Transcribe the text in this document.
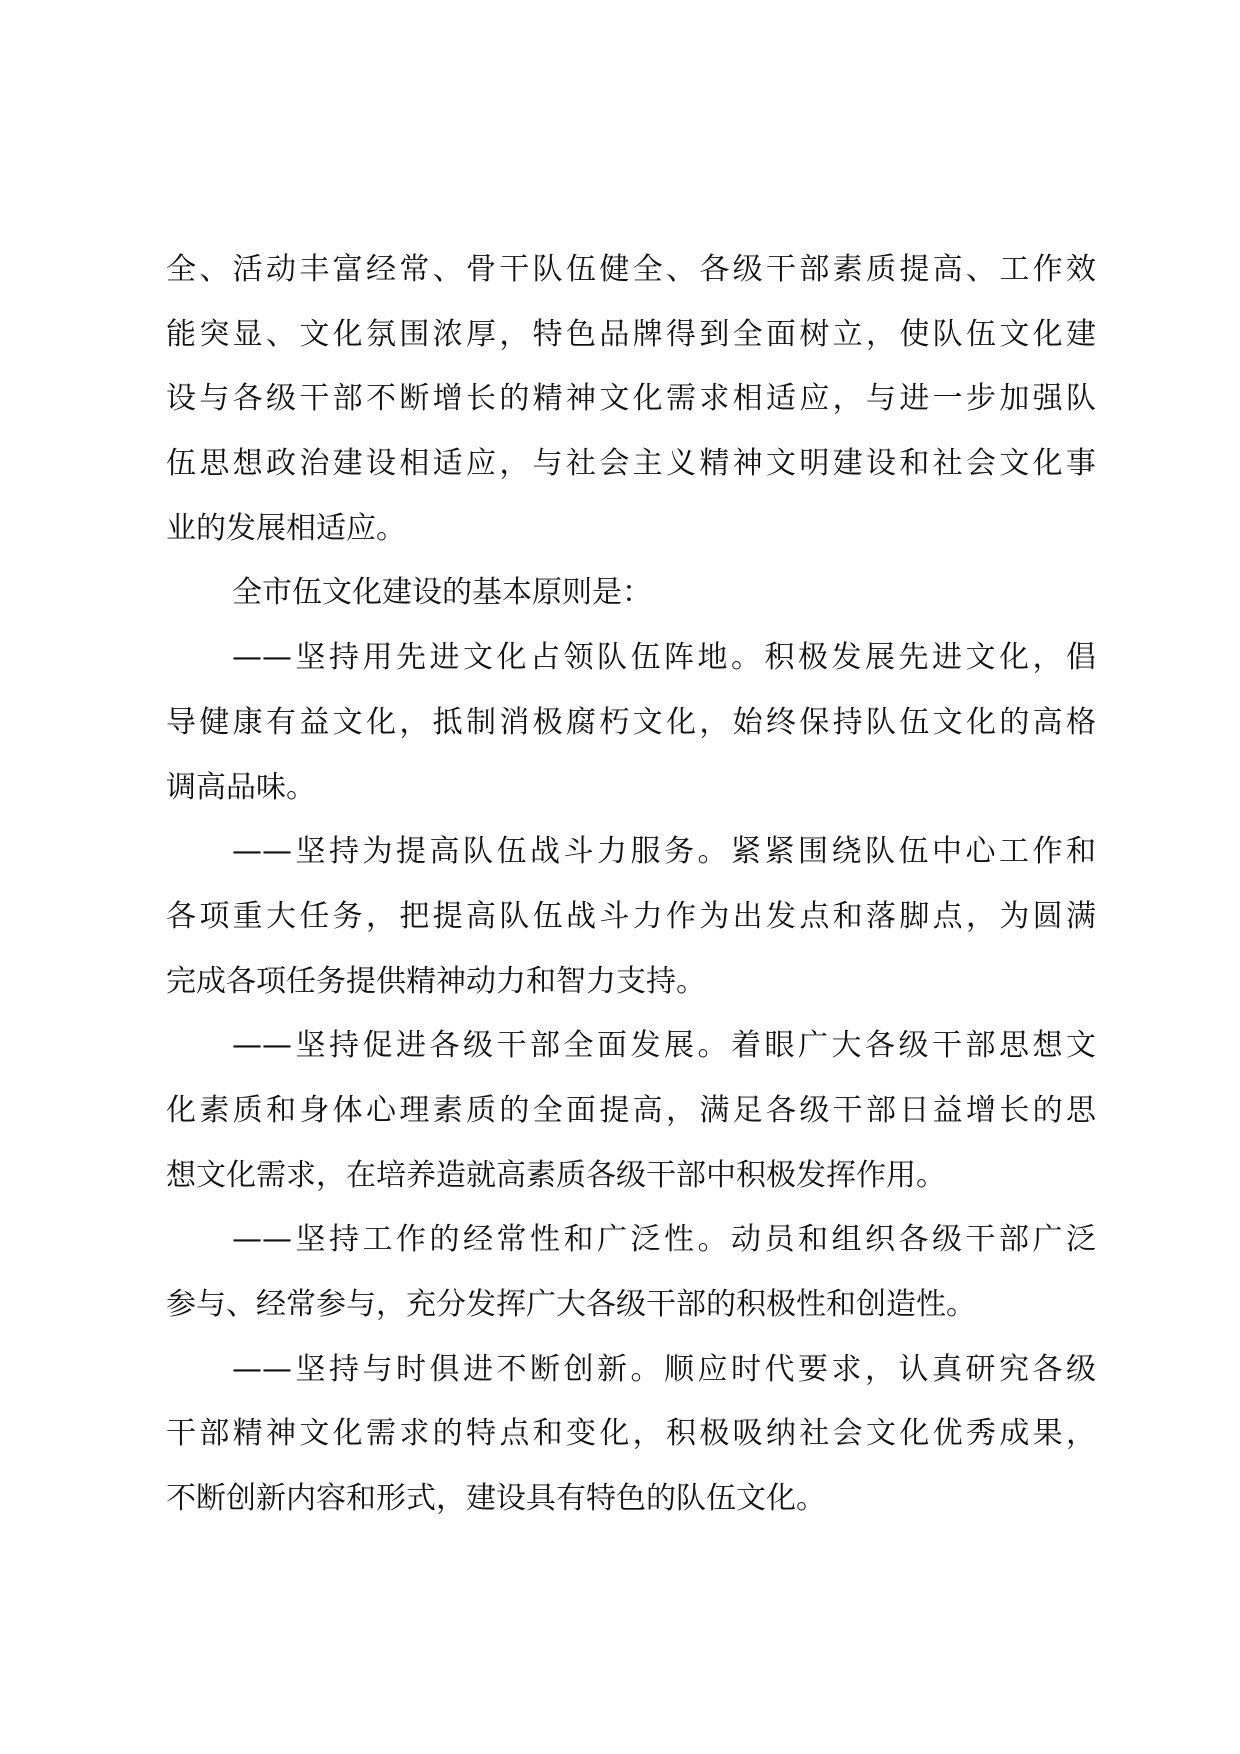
全、活动丰富经常、骨干队伍健全、各级干部素质提高、工作效
能突显、文化氛围浓厚，特色品牌得到全面树立，使队伍文化建
设与各级干部不断增长的精神文化需求相适应，与进一步加强队
伍思想政治建设相适应，与社会主义精神文明建设和社会文化事
业的发展相适应。
全市伍文化建设的基本原则是：
——坚持用先进文化占领队伍阵地。积极发展先进文化，倡
导健康有益文化，抵制消极腐朽文化，始终保持队伍文化的高格
调高品味。
——坚持为提高队伍战斗力服务。紧紧围绕队伍中心工作和
各项重大任务，把提高队伍战斗力作为出发点和落脚点，为圆满
完成各项任务提供精神动力和智力支持。
——坚持促进各级干部全面发展。着眼广大各级干部思想文
化素质和身体心理素质的全面提高，满足各级干部日益增长的思
想文化需求，在培养造就高素质各级干部中积极发挥作用。
——坚持工作的经常性和广泛性。动员和组织各级干部广泛
参与、经常参与，充分发挥广大各级干部的积极性和创造性。
——坚持与时俱进不断创新。顺应时代要求，认真研究各级
干部精神文化需求的特点和变化，积极吸纳社会文化优秀成果，
不断创新内容和形式，建设具有特色的队伍文化。
